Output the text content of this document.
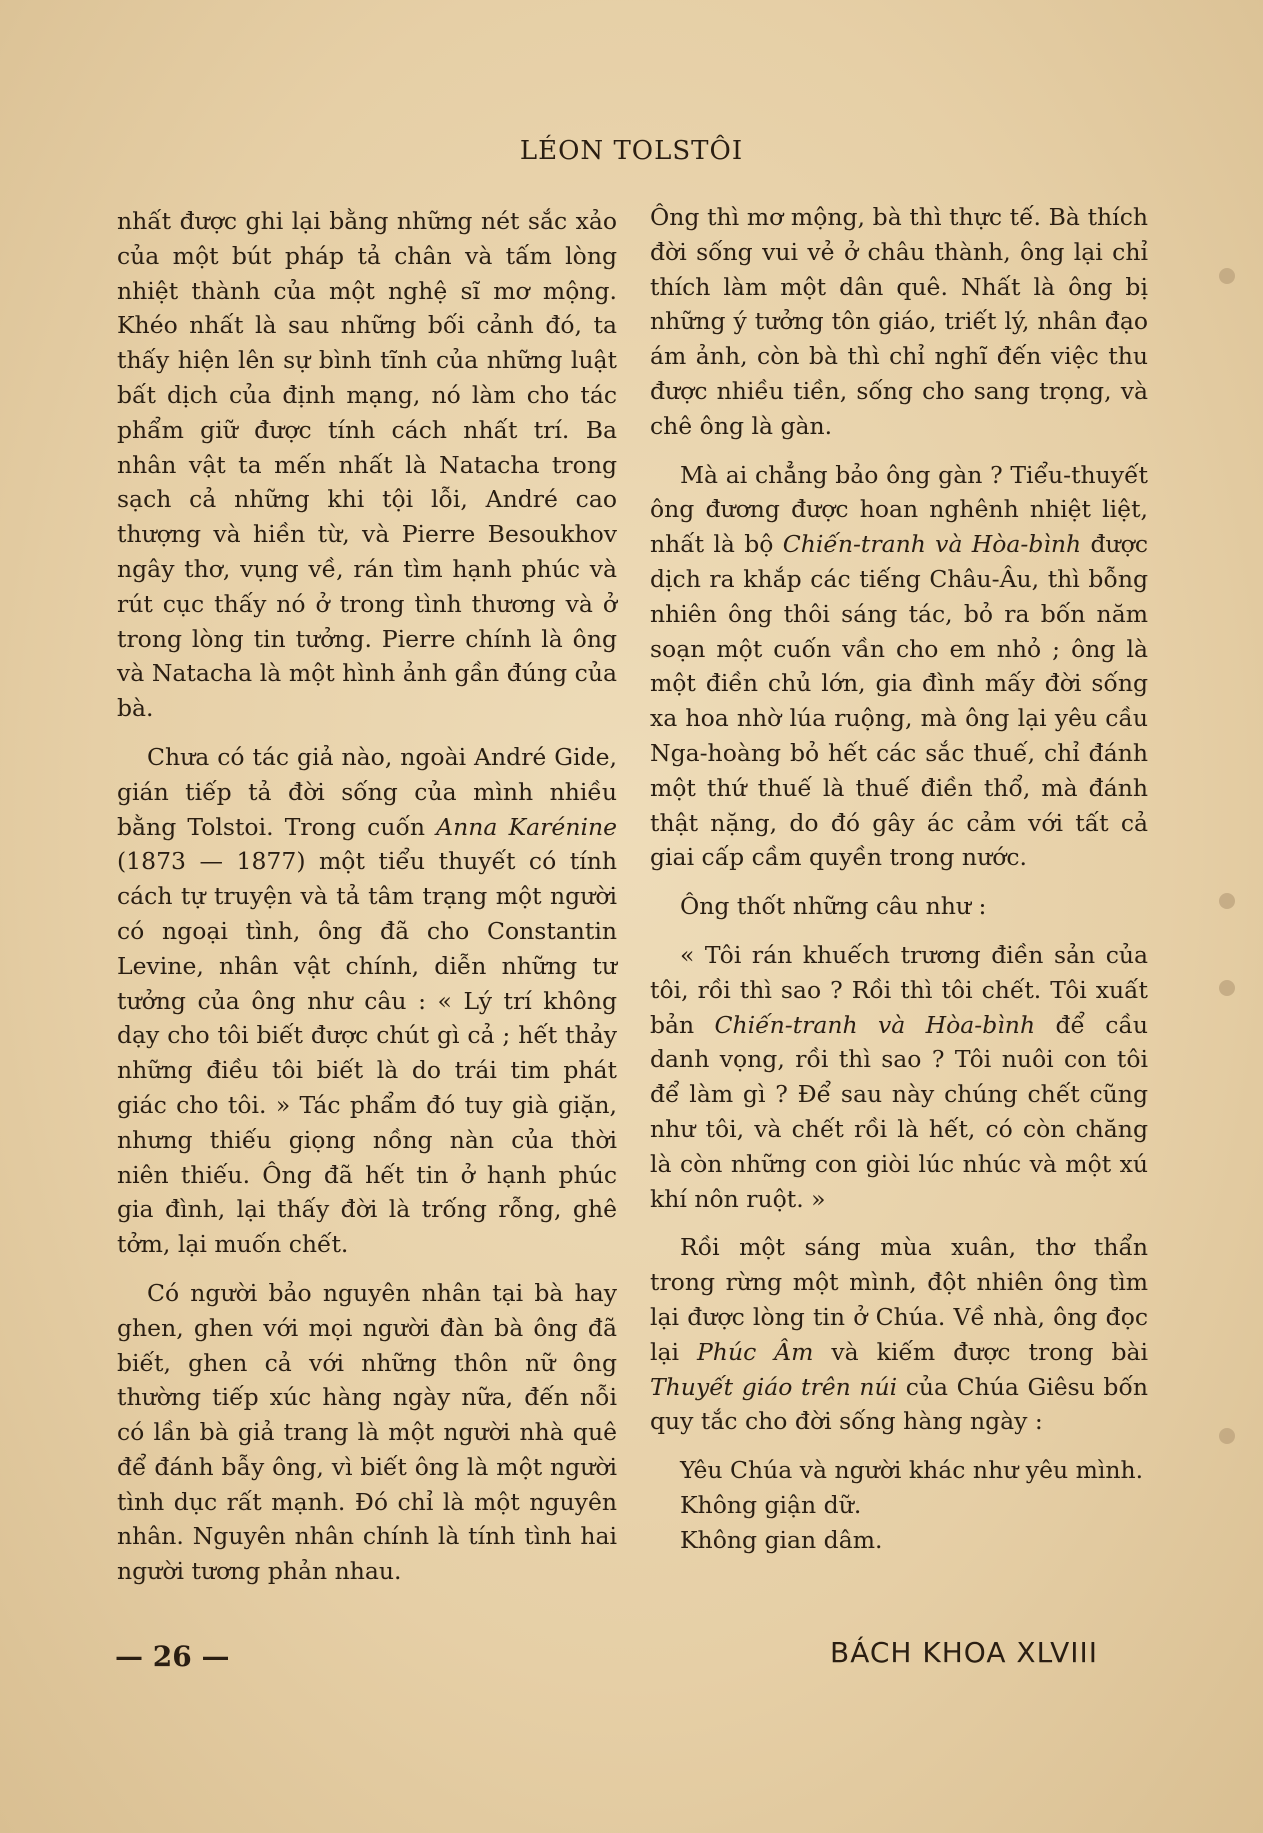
LÉON TOLSTÔI

nhất được ghi lại bằng những nét sắc xảo của một bút pháp tả chân và tấm lòng nhiệt thành của một nghệ sĩ mơ mộng. Khéo nhất là sau những bối cảnh đó, ta thấy hiện lên sự bình tĩnh của những luật bất dịch của định mạng, nó làm cho tác phẩm giữ được tính cách nhất trí. Ba nhân vật ta mến nhất là Natacha trong sạch cả những khi tội lỗi, André cao thượng và hiền từ, và Pierre Besoukhov ngây thơ, vụng về, rán tìm hạnh phúc và rút cục thấy nó ở trong tình thương và ở trong lòng tin tưởng. Pierre chính là ông và Natacha là một hình ảnh gần đúng của bà.

Chưa có tác giả nào, ngoài André Gide, gián tiếp tả đời sống của mình nhiều bằng Tolstoi. Trong cuốn Anna Karénine (1873 — 1877) một tiểu thuyết có tính cách tự truyện và tả tâm trạng một người có ngoại tình, ông đã cho Constantin Levine, nhân vật chính, diễn những tư tưởng của ông như câu : « Lý trí không dạy cho tôi biết được chút gì cả ; hết thảy những điều tôi biết là do trái tim phát giác cho tôi. » Tác phẩm đó tuy già giặn, nhưng thiếu giọng nồng nàn của thời niên thiếu. Ông đã hết tin ở hạnh phúc gia đình, lại thấy đời là trống rỗng, ghê tởm, lại muốn chết.

Có người bảo nguyên nhân tại bà hay ghen, ghen với mọi người đàn bà ông đã biết, ghen cả với những thôn nữ ông thường tiếp xúc hàng ngày nữa, đến nỗi có lần bà giả trang là một người nhà quê để đánh bẫy ông, vì biết ông là một người tình dục rất mạnh. Đó chỉ là một nguyên nhân. Nguyên nhân chính là tính tình hai người tương phản nhau.

Ông thì mơ mộng, bà thì thực tế. Bà thích đời sống vui vẻ ở châu thành, ông lại chỉ thích làm một dân quê. Nhất là ông bị những ý tưởng tôn giáo, triết lý, nhân đạo ám ảnh, còn bà thì chỉ nghĩ đến việc thu được nhiều tiền, sống cho sang trọng, và chê ông là gàn.

Mà ai chẳng bảo ông gàn ? Tiểu-thuyết ông đương được hoan nghênh nhiệt liệt, nhất là bộ Chiến-tranh và Hòa-bình được dịch ra khắp các tiếng Châu-Âu, thì bỗng nhiên ông thôi sáng tác, bỏ ra bốn năm soạn một cuốn vần cho em nhỏ ; ông là một điền chủ lớn, gia đình mấy đời sống xa hoa nhờ lúa ruộng, mà ông lại yêu cầu Nga-hoàng bỏ hết các sắc thuế, chỉ đánh một thứ thuế là thuế điền thổ, mà đánh thật nặng, do đó gây ác cảm với tất cả giai cấp cầm quyền trong nước.

Ông thốt những câu như :

« Tôi rán khuếch trương điền sản của tôi, rồi thì sao ? Rồi thì tôi chết. Tôi xuất bản Chiến-tranh và Hòa-bình để cầu danh vọng, rồi thì sao ? Tôi nuôi con tôi để làm gì ? Để sau này chúng chết cũng như tôi, và chết rồi là hết, có còn chăng là còn những con giòi lúc nhúc và một xú khí nôn ruột. »

Rồi một sáng mùa xuân, thơ thẩn trong rừng một mình, đột nhiên ông tìm lại được lòng tin ở Chúa. Về nhà, ông đọc lại Phúc Âm và kiếm được trong bài Thuyết giáo trên núi của Chúa Giêsu bốn quy tắc cho đời sống hàng ngày :

Yêu Chúa và người khác như yêu mình.

Không giận dữ.

Không gian dâm.

— 26 —	BÁCH KHOA XLVIII
